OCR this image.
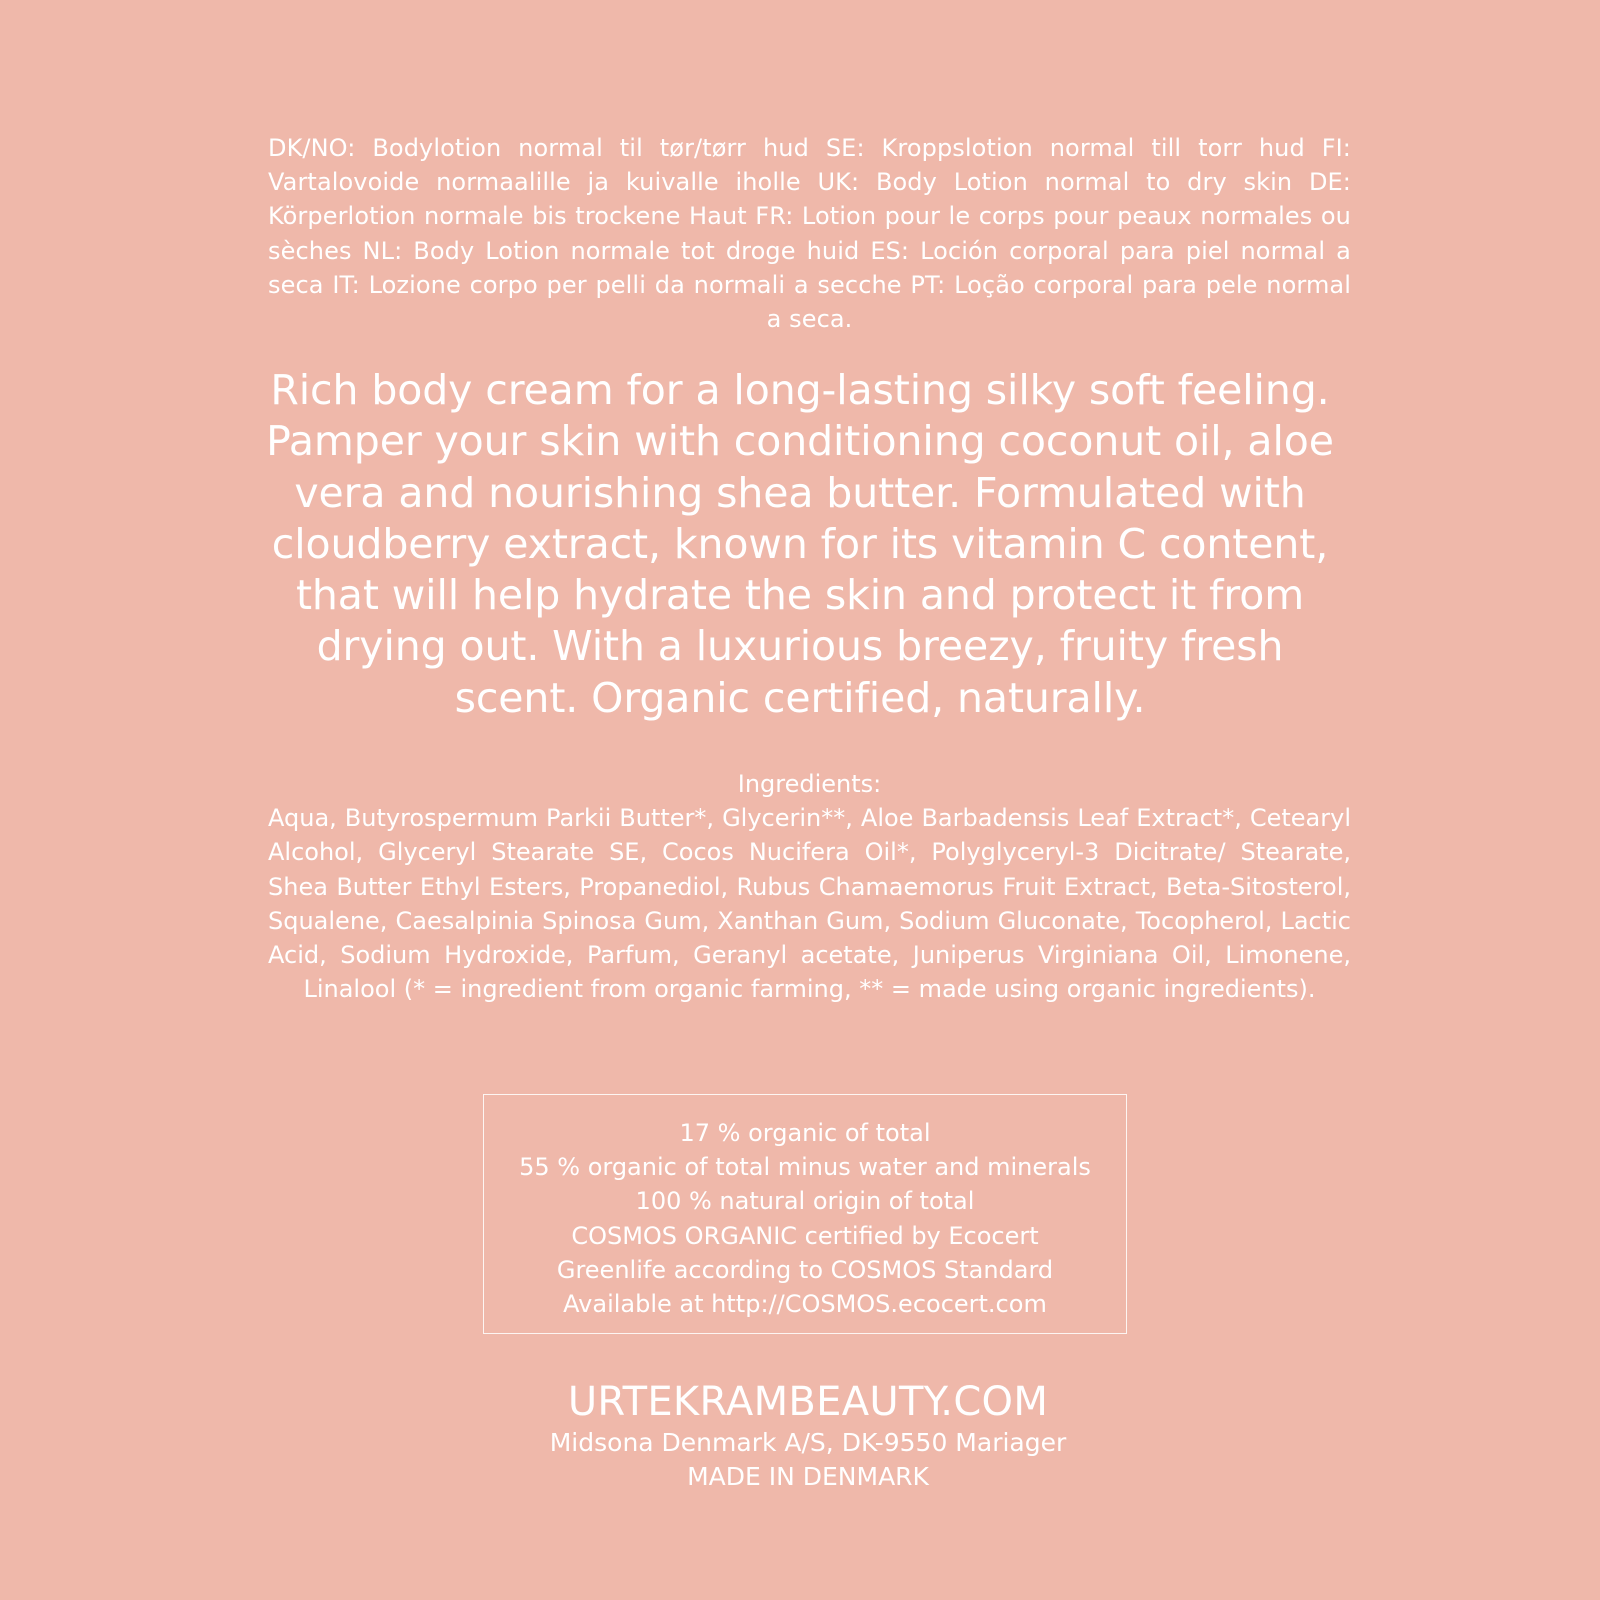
DK/NO: Bodylotion normal til tør/tørr hud SE: Kroppslotion normal till torr hud FI: Vartalovoide normaalille ja kuivalle iholle UK: Body Lotion normal to dry skin DE: Körperlotion normale bis trockene Haut FR: Lotion pour le corps pour peaux normales ou sèches NL: Body Lotion normale tot droge huid ES: Loción corporal para piel normal a seca IT: Lozione corpo per pelli da normali a secche PT: Loção corporal para pele normal a seca.
Rich body cream for a long-lasting silky soft feeling. Pamper your skin with conditioning coconut oil, aloe vera and nourishing shea butter. Formulated with cloudberry extract, known for its vitamin C content, that will help hydrate the skin and protect it from drying out. With a luxurious breezy, fruity fresh scent. Organic certified, naturally.
Ingredients:
Aqua, Butyrospermum Parkii Butter*, Glycerin**, Aloe Barbadensis Leaf Extract*, Cetearyl Alcohol, Glyceryl Stearate SE, Cocos Nucifera Oil*, Polyglyceryl-3 Dicitrate/ Stearate, Shea Butter Ethyl Esters, Propanediol, Rubus Chamaemorus Fruit Extract, Beta-Sitosterol, Squalene, Caesalpinia Spinosa Gum, Xanthan Gum, Sodium Gluconate, Tocopherol, Lactic Acid, Sodium Hydroxide, Parfum, Geranyl acetate, Juniperus Virginiana Oil, Limonene, Linalool (* = ingredient from organic farming, ** = made using organic ingredients).
17 % organic of total
55 % organic of total minus water and minerals
100 % natural origin of total
COSMOS ORGANIC certified by Ecocert
Greenlife according to COSMOS Standard
Available at http://COSMOS.ecocert.com
URTEKRAMBEAUTY.COM
Midsona Denmark A/S, DK-9550 Mariager
MADE IN DENMARK
